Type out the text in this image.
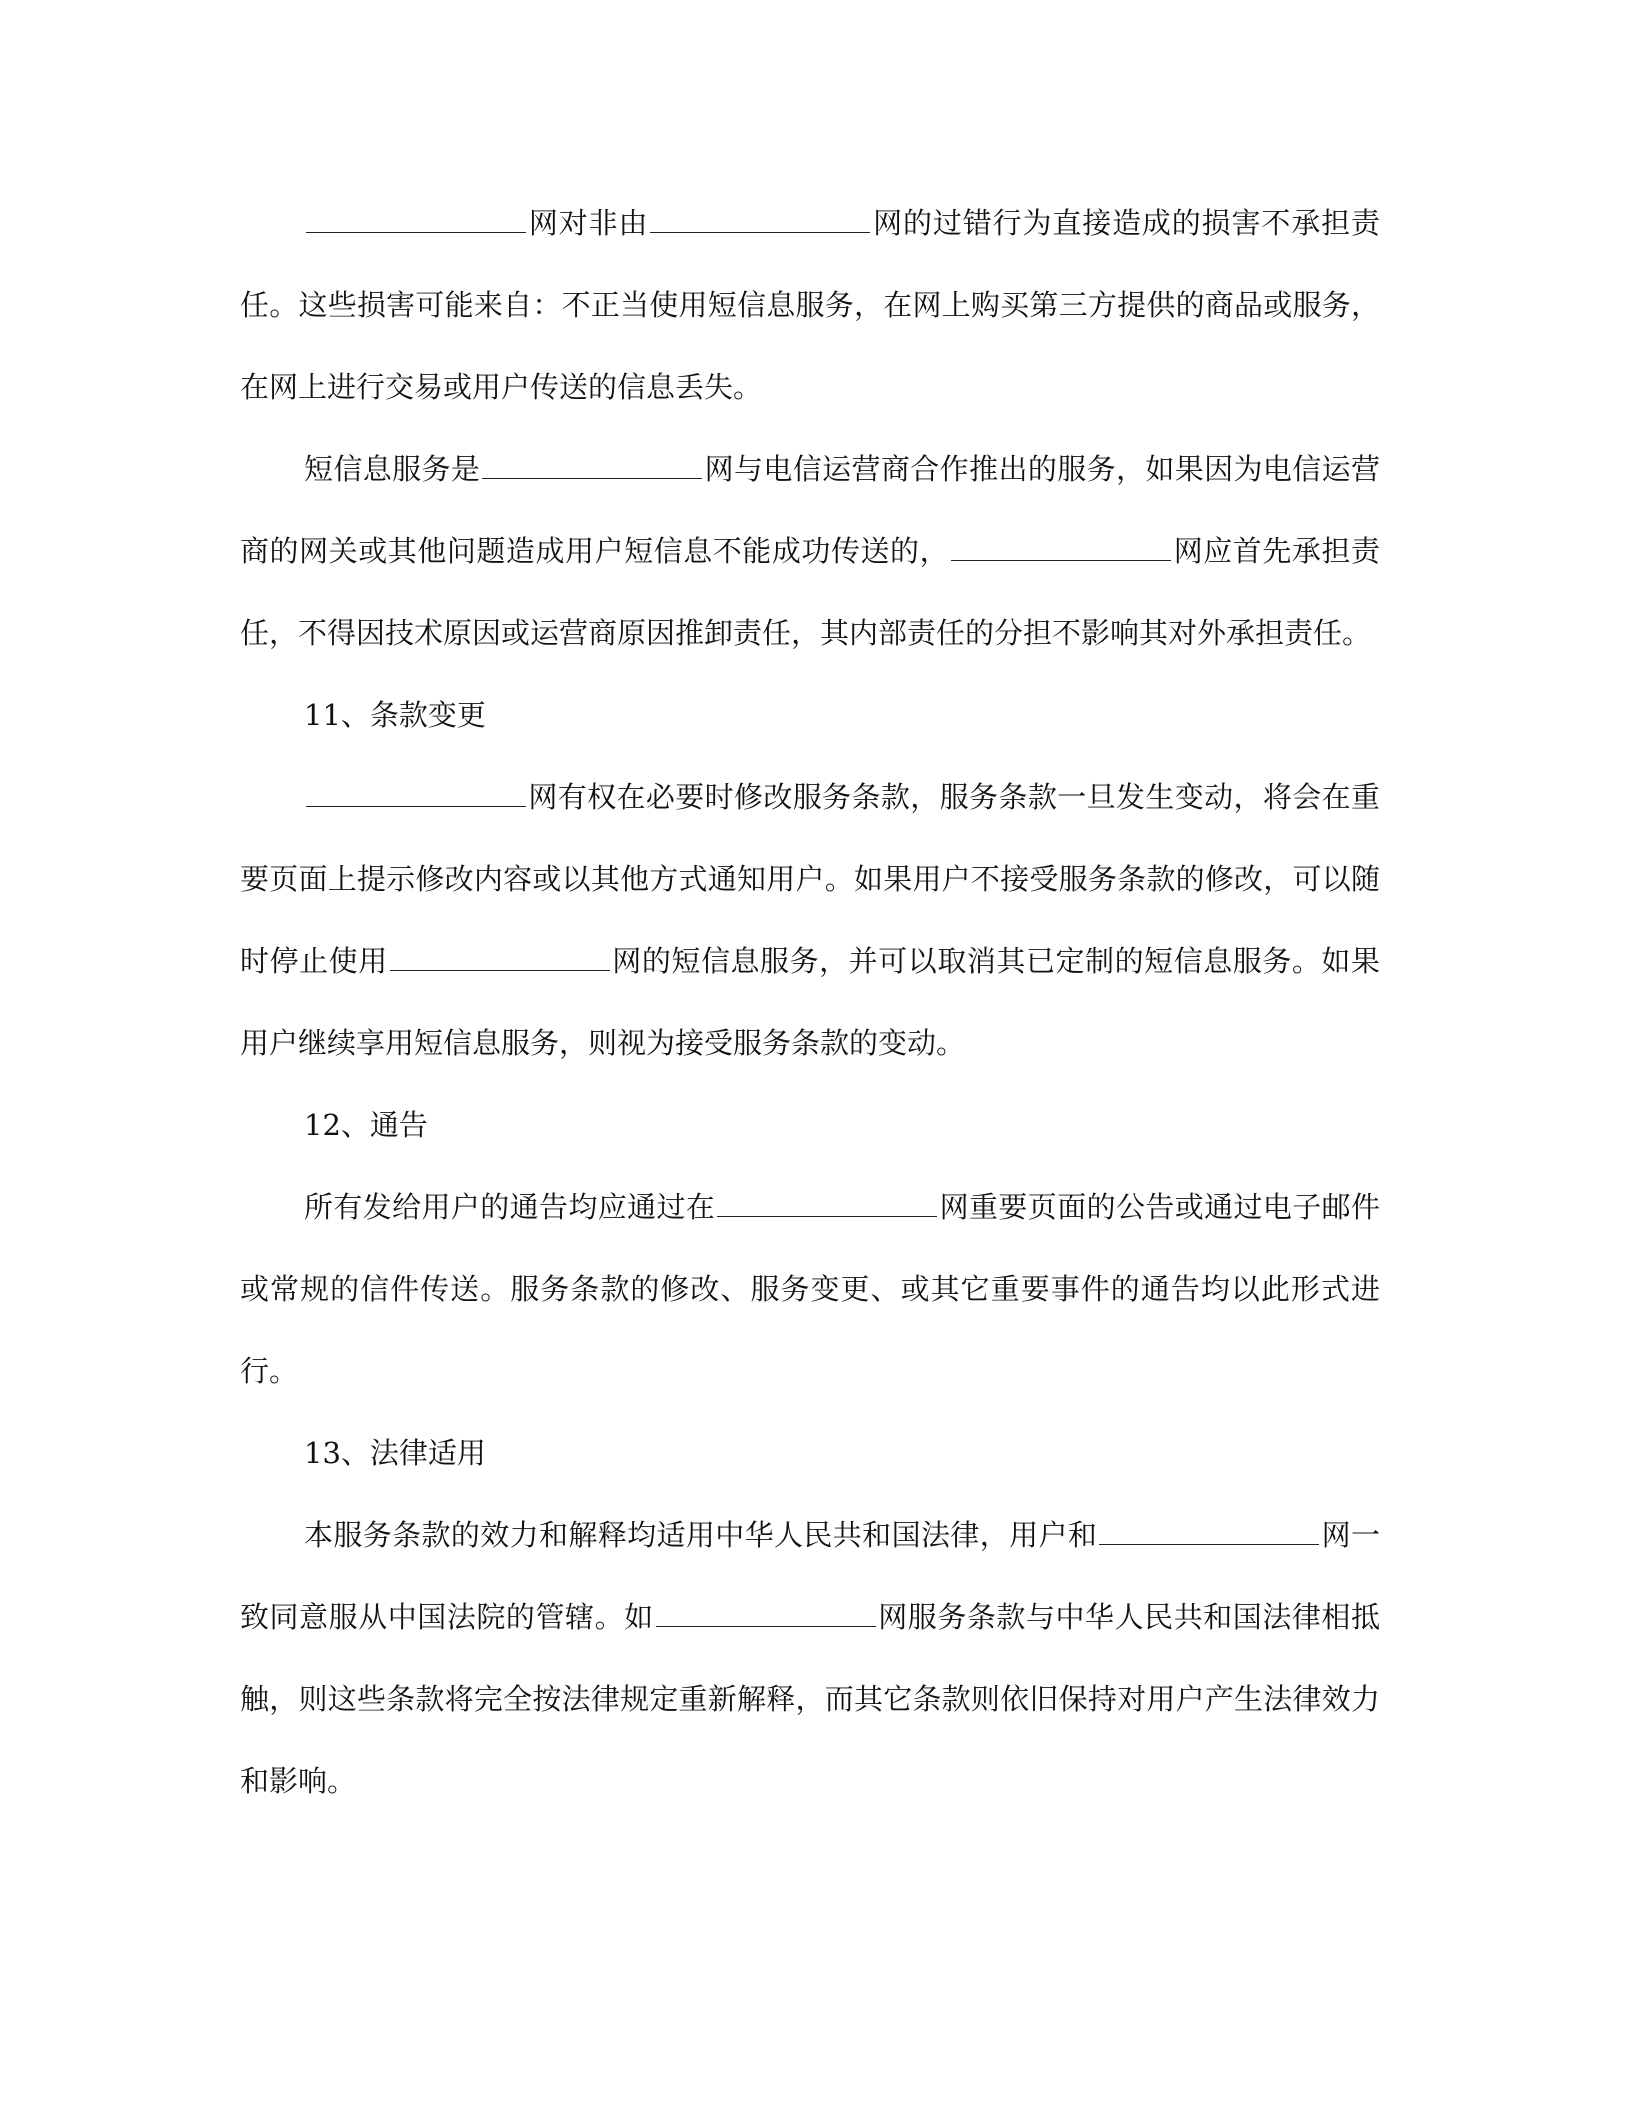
网对非由	网的过错行为直接造成的损害不承担责任。这些损害可能来自：不正当使用短信息服务，在网上购买第三方提供的商品或服务，在网上进行交易或用户传送的信息丢失。

短信息服务是	网与电信运营商合作推出的服务，如果因为电信运营商的网关或其他问题造成用户短信息不能成功传送的，	网应首先承担责任，不得因技术原因或运营商原因推卸责任，其内部责任的分担不影响其对外承担责任。

11、条款变更

网有权在必要时修改服务条款，服务条款一旦发生变动，将会在重要页面上提示修改内容或以其他方式通知用户。如果用户不接受服务条款的修改，可以随时停止使用	网的短信息服务，并可以取消其已定制的短信息服务。如果用户继续享用短信息服务，则视为接受服务条款的变动。

12、通告

所有发给用户的通告均应通过在	网重要页面的公告或通过电子邮件或常规的信件传送。服务条款的修改、服务变更、或其它重要事件的通告均以此形式进行。

13、法律适用

本服务条款的效力和解释均适用中华人民共和国法律，用户和	网一致同意服从中国法院的管辖。如	网服务条款与中华人民共和国法律相抵触，则这些条款将完全按法律规定重新解释，而其它条款则依旧保持对用户产生法律效力和影响。
